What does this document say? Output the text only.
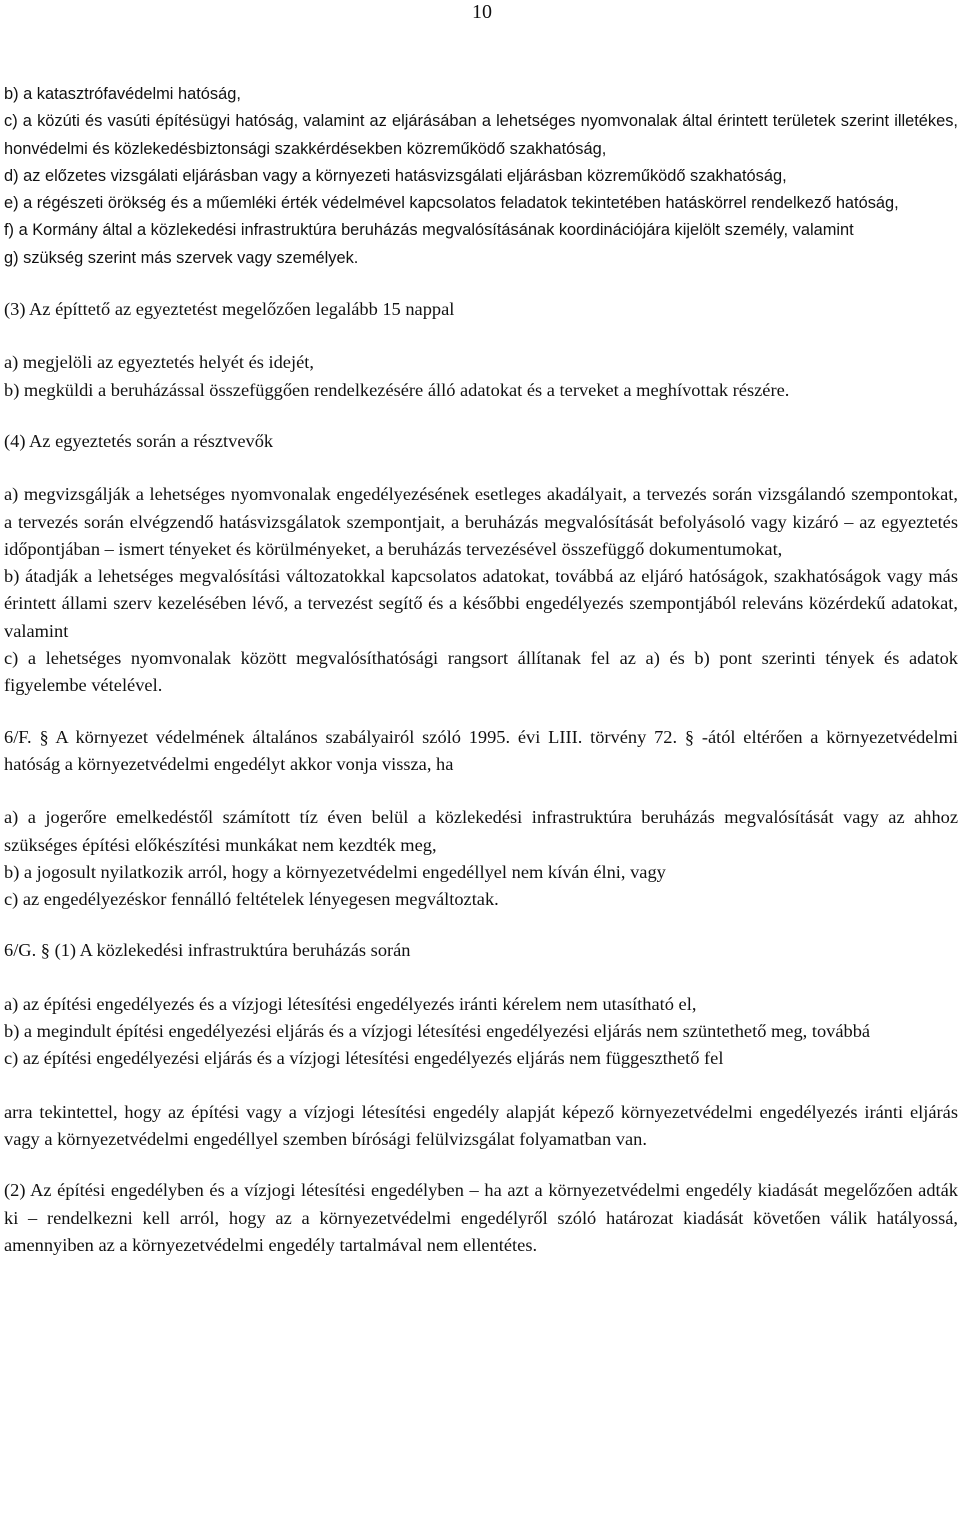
10

b) a katasztrófavédelmi hatóság,

c) a közúti és vasúti építésügyi hatóság, valamint az eljárásában a lehetséges nyomvonalak által érintett területek szerint illetékes, honvédelmi és közlekedésbiztonsági szakkérdésekben közreműködő szakhatóság,

d) az előzetes vizsgálati eljárásban vagy a környezeti hatásvizsgálati eljárásban közreműködő szakhatóság,

e) a régészeti örökség és a műemléki érték védelmével kapcsolatos feladatok tekintetében hatáskörrel rendelkező hatóság,

f) a Kormány által a közlekedési infrastruktúra beruházás megvalósításának koordinációjára kijelölt személy, valamint

g) szükség szerint más szervek vagy személyek.

(3) Az építtető az egyeztetést megelőzően legalább 15 nappal

a) megjelöli az egyeztetés helyét és idejét,

b) megküldi a beruházással összefüggően rendelkezésére álló adatokat és a terveket a meghívottak részére.

(4) Az egyeztetés során a résztvevők

a) megvizsgálják a lehetséges nyomvonalak engedélyezésének esetleges akadályait, a tervezés során vizsgálandó szempontokat, a tervezés során elvégzendő hatásvizsgálatok szempontjait, a beruházás megvalósítását befolyásoló vagy kizáró – az egyeztetés időpontjában – ismert tényeket és körülményeket, a beruházás tervezésével összefüggő dokumentumokat,

b) átadják a lehetséges megvalósítási változatokkal kapcsolatos adatokat, továbbá az eljáró hatóságok, szakhatóságok vagy más érintett állami szerv kezelésében lévő, a tervezést segítő és a későbbi engedélyezés szempontjából releváns közérdekű adatokat, valamint

c) a lehetséges nyomvonalak között megvalósíthatósági rangsort állítanak fel az a) és b) pont szerinti tények és adatok figyelembe vételével.

6/F. § A környezet védelmének általános szabályairól szóló 1995. évi LIII. törvény 72. § -ától eltérően a környezetvédelmi hatóság a környezetvédelmi engedélyt akkor vonja vissza, ha

a) a jogerőre emelkedéstől számított tíz éven belül a közlekedési infrastruktúra beruházás megvalósítását vagy az ahhoz szükséges építési előkészítési munkákat nem kezdték meg,

b) a jogosult nyilatkozik arról, hogy a környezetvédelmi engedéllyel nem kíván élni, vagy

c) az engedélyezéskor fennálló feltételek lényegesen megváltoztak.

6/G. § (1) A közlekedési infrastruktúra beruházás során

a) az építési engedélyezés és a vízjogi létesítési engedélyezés iránti kérelem nem utasítható el,

b) a megindult építési engedélyezési eljárás és a vízjogi létesítési engedélyezési eljárás nem szüntethető meg, továbbá

c) az építési engedélyezési eljárás és a vízjogi létesítési engedélyezés eljárás nem függeszthető fel

arra tekintettel, hogy az építési vagy a vízjogi létesítési engedély alapját képező környezetvédelmi engedélyezés iránti eljárás vagy a környezetvédelmi engedéllyel szemben bírósági felülvizsgálat folyamatban van.

(2) Az építési engedélyben és a vízjogi létesítési engedélyben – ha azt a környezetvédelmi engedély kiadását megelőzően adták ki – rendelkezni kell arról, hogy az a környezetvédelmi engedélyről szóló határozat kiadását követően válik hatályossá, amennyiben az a környezetvédelmi engedély tartalmával nem ellentétes.
